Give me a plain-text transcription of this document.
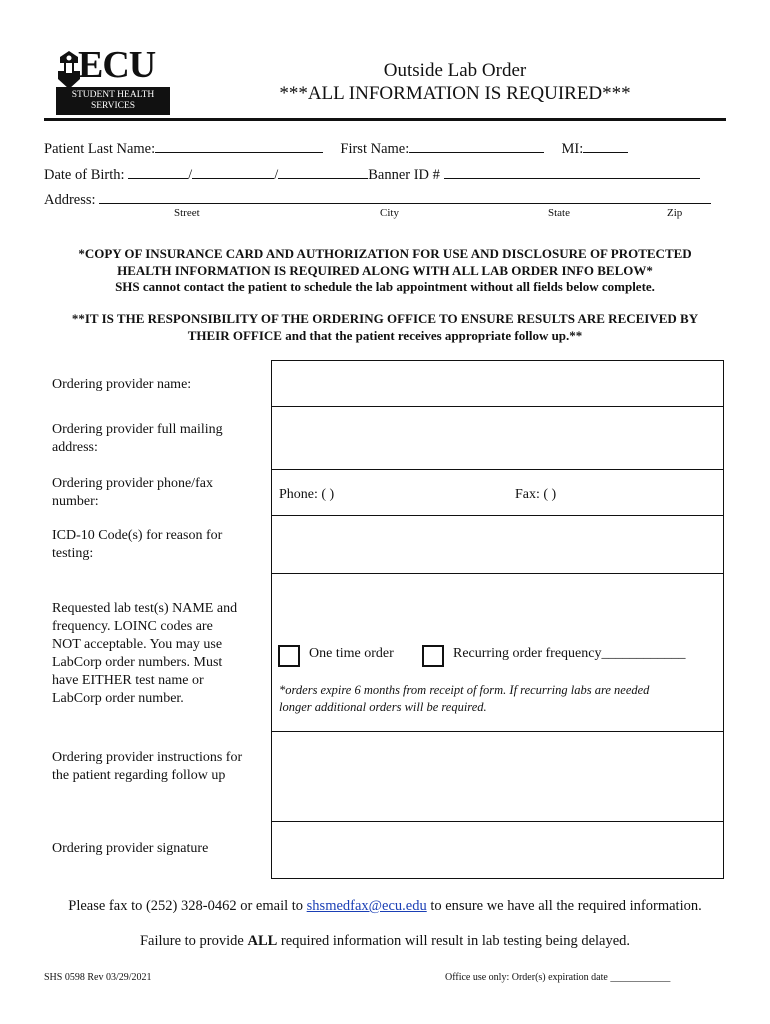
ECU
STUDENT HEALTH
SERVICES
Outside Lab Order
***ALL INFORMATION IS REQUIRED***
Patient Last Name:	First Name:	MI:
Date of Birth:	/	/	Banner ID #
Address:
Street	City	State	Zip
*COPY OF INSURANCE CARD AND AUTHORIZATION FOR USE AND DISCLOSURE OF PROTECTED
HEALTH INFORMATION IS REQUIRED ALONG WITH ALL LAB ORDER INFO BELOW*
SHS cannot contact the patient to schedule the lab appointment without all fields below complete.
**IT IS THE RESPONSIBILITY OF THE ORDERING OFFICE TO ENSURE RESULTS ARE RECEIVED BY
THEIR OFFICE and that the patient receives appropriate follow up.**
Ordering provider name:
Ordering provider full mailing
address:
Ordering provider phone/fax
number:	Phone: ( )	Fax: ( )
ICD-10 Code(s) for reason for
testing:
Requested lab test(s) NAME and
frequency. LOINC codes are
NOT acceptable. You may use
LabCorp order numbers. Must
have EITHER test name or
LabCorp order number.
One time order	Recurring order frequency____________
*orders expire 6 months from receipt of form. If recurring labs are needed
longer additional orders will be required.
Ordering provider instructions for
the patient regarding follow up
Ordering provider signature
Please fax to (252) 328-0462 or email to shsmedfax@ecu.edu to ensure we have all the required information.
Failure to provide ALL required information will result in lab testing being delayed.
SHS 0598 Rev 03/29/2021	Office use only: Order(s) expiration date ____________
